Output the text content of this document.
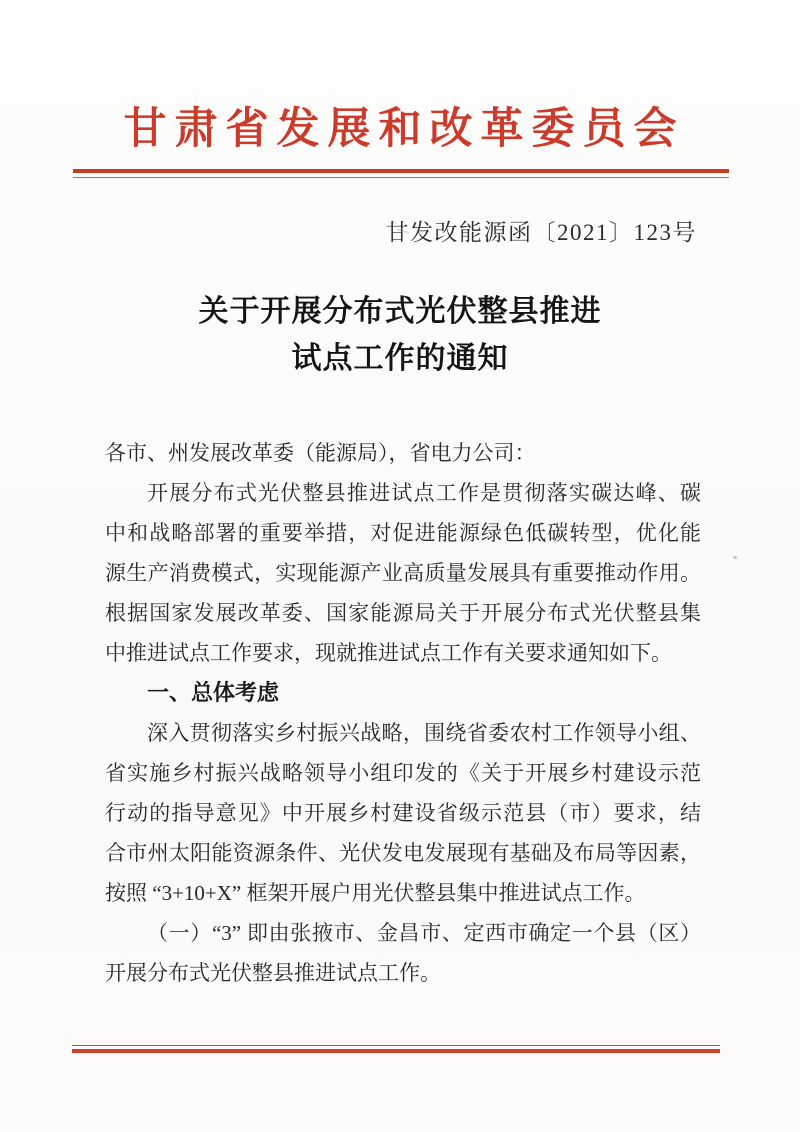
甘肃省发展和改革委员会
甘发改能源函〔2021〕123号
关于开展分布式光伏整县推进
试点工作的通知
各市、州发展改革委（能源局），省电力公司：
开展分布式光伏整县推进试点工作是贯彻落实碳达峰、碳
中和战略部署的重要举措，对促进能源绿色低碳转型，优化能
源生产消费模式，实现能源产业高质量发展具有重要推动作用。
根据国家发展改革委、国家能源局关于开展分布式光伏整县集
中推进试点工作要求，现就推进试点工作有关要求通知如下。
一、总体考虑
深入贯彻落实乡村振兴战略，围绕省委农村工作领导小组、
省实施乡村振兴战略领导小组印发的《关于开展乡村建设示范
行动的指导意见》中开展乡村建设省级示范县（市）要求，结
合市州太阳能资源条件、光伏发电发展现有基础及布局等因素，
按照 “3+10+X” 框架开展户用光伏整县集中推进试点工作。
（一）“3” 即由张掖市、金昌市、定西市确定一个县（区）
开展分布式光伏整县推进试点工作。
